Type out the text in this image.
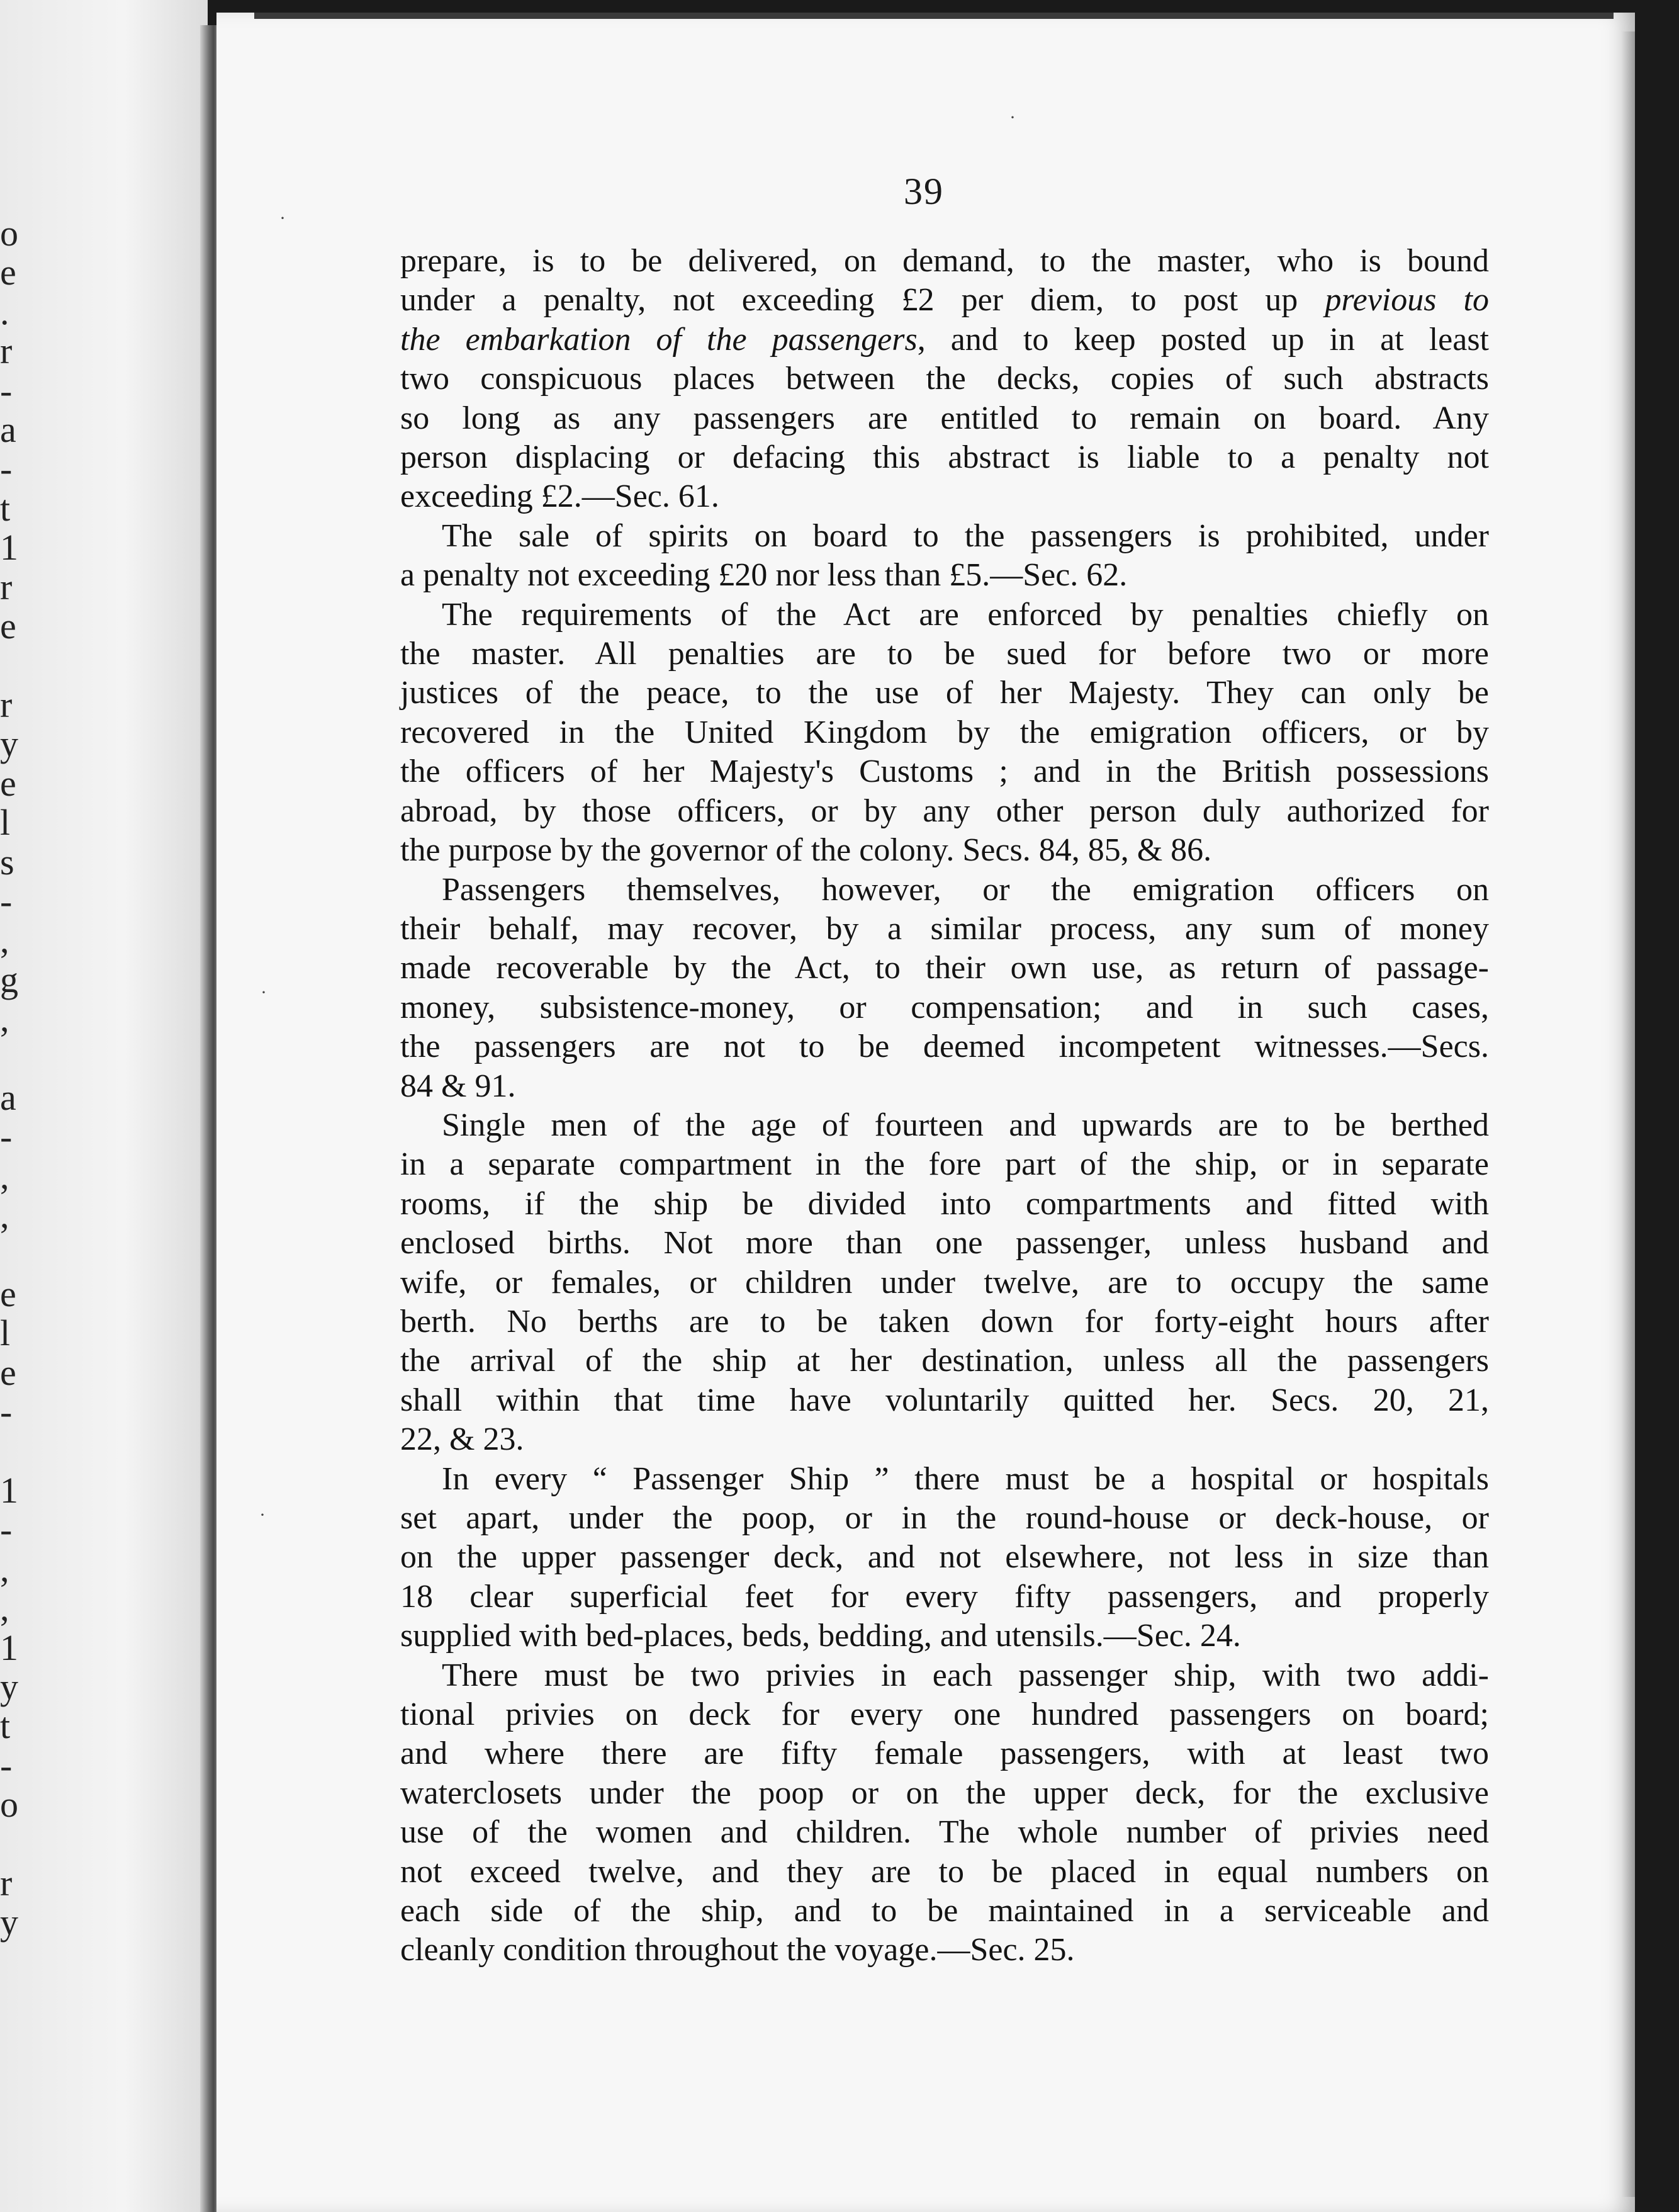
o
e
.
r
-
a
-
t
1
r
e

r
y
e
l
s
-
,
g
,

a
-
,
,

e
l
e
-

1
-
,
,
1
y
t
-
o

r
y
·
·
·
·
39
prepare, is to be delivered, on demand, to the master, who is bound
under a penalty, not exceeding £2 per diem, to post up previous to
the embarkation of the passengers, and to keep posted up in at least
two conspicuous places between the decks, copies of such abstracts
so long as any passengers are entitled to remain on board. Any
person displacing or defacing this abstract is liable to a penalty not
exceeding £2.—Sec. 61.
The sale of spirits on board to the passengers is prohibited, under
a penalty not exceeding £20 nor less than £5.—Sec. 62.
The requirements of the Act are enforced by penalties chiefly on
the master. All penalties are to be sued for before two or more
justices of the peace, to the use of her Majesty. They can only be
recovered in the United Kingdom by the emigration officers, or by
the officers of her Majesty's Customs ; and in the British possessions
abroad, by those officers, or by any other person duly authorized for
the purpose by the governor of the colony. Secs. 84, 85, & 86.
Passengers themselves, however, or the emigration officers on
their behalf, may recover, by a similar process, any sum of money
made recoverable by the Act, to their own use, as return of passage-
money, subsistence-money, or compensation; and in such cases,
the passengers are not to be deemed incompetent witnesses.—Secs.
84 & 91.
Single men of the age of fourteen and upwards are to be berthed
in a separate compartment in the fore part of the ship, or in separate
rooms, if the ship be divided into compartments and fitted with
enclosed births. Not more than one passenger, unless husband and
wife, or females, or children under twelve, are to occupy the same
berth. No berths are to be taken down for forty-eight hours after
the arrival of the ship at her destination, unless all the passengers
shall within that time have voluntarily quitted her. Secs. 20, 21,
22, & 23.
In every “ Passenger Ship ” there must be a hospital or hospitals
set apart, under the poop, or in the round-house or deck-house, or
on the upper passenger deck, and not elsewhere, not less in size than
18 clear superficial feet for every fifty passengers, and properly
supplied with bed-places, beds, bedding, and utensils.—Sec. 24.
There must be two privies in each passenger ship, with two addi-
tional privies on deck for every one hundred passengers on board;
and where there are fifty female passengers, with at least two
waterclosets under the poop or on the upper deck, for the exclusive
use of the women and children. The whole number of privies need
not exceed twelve, and they are to be placed in equal numbers on
each side of the ship, and to be maintained in a serviceable and
cleanly condition throughout the voyage.—Sec. 25.
